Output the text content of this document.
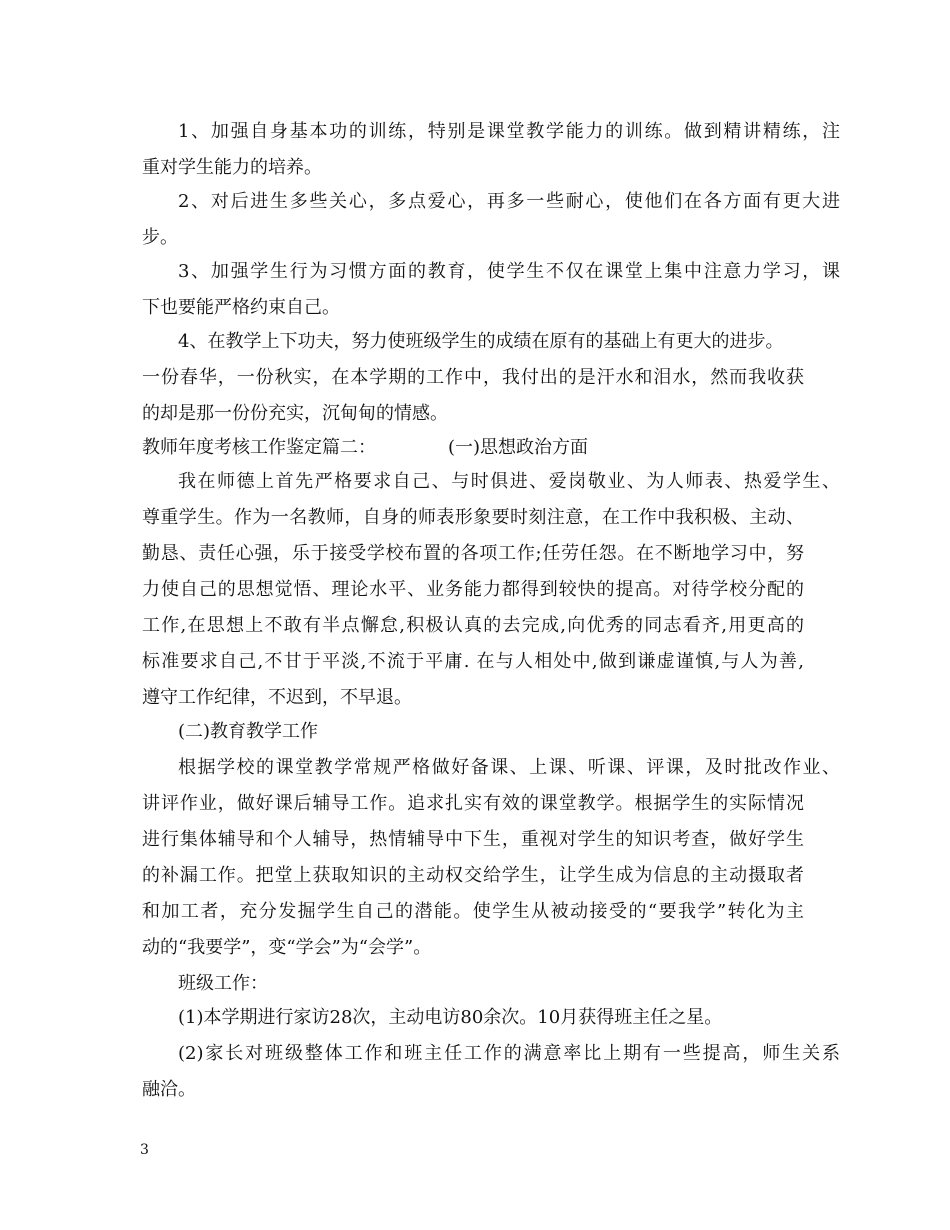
1、加强自身基本功的训练，特别是课堂教学能力的训练。做到精讲精练，注
重对学生能力的培养。
2、对后进生多些关心，多点爱心，再多一些耐心，使他们在各方面有更大进
步。
3、加强学生行为习惯方面的教育，使学生不仅在课堂上集中注意力学习，课
下也要能严格约束自己。
4、在教学上下功夫，努力使班级学生的成绩在原有的基础上有更大的进步。
一份春华，一份秋实，在本学期的工作中，我付出的是汗水和泪水，然而我收获
的却是那一份份充实，沉甸甸的情感。
教师年度考核工作鉴定篇二：	(一)思想政治方面
我在师德上首先严格要求自己、与时俱进、爱岗敬业、为人师表、热爱学生、
尊重学生。作为一名教师，自身的师表形象要时刻注意，在工作中我积极、主动、
勤恳、责任心强，乐于接受学校布置的各项工作;任劳任怨。在不断地学习中，努
力使自己的思想觉悟、理论水平、业务能力都得到较快的提高。对待学校分配的
工作,在思想上不敢有半点懈怠,积极认真的去完成,向优秀的同志看齐,用更高的
标准要求自己,不甘于平淡,不流于平庸. 在与人相处中,做到谦虚谨慎,与人为善,
遵守工作纪律，不迟到，不早退。
(二)教育教学工作
根据学校的课堂教学常规严格做好备课、上课、听课、评课，及时批改作业、
讲评作业，做好课后辅导工作。追求扎实有效的课堂教学。根据学生的实际情况
进行集体辅导和个人辅导，热情辅导中下生，重视对学生的知识考查，做好学生
的补漏工作。把堂上获取知识的主动权交给学生，让学生成为信息的主动摄取者
和加工者，充分发掘学生自己的潜能。使学生从被动接受的“要我学”转化为主
动的“我要学”，变“学会”为“会学”。
班级工作：
(1)本学期进行家访28次，主动电访80余次。10月获得班主任之星。
(2)家长对班级整体工作和班主任工作的满意率比上期有一些提高，师生关系
融洽。
3
